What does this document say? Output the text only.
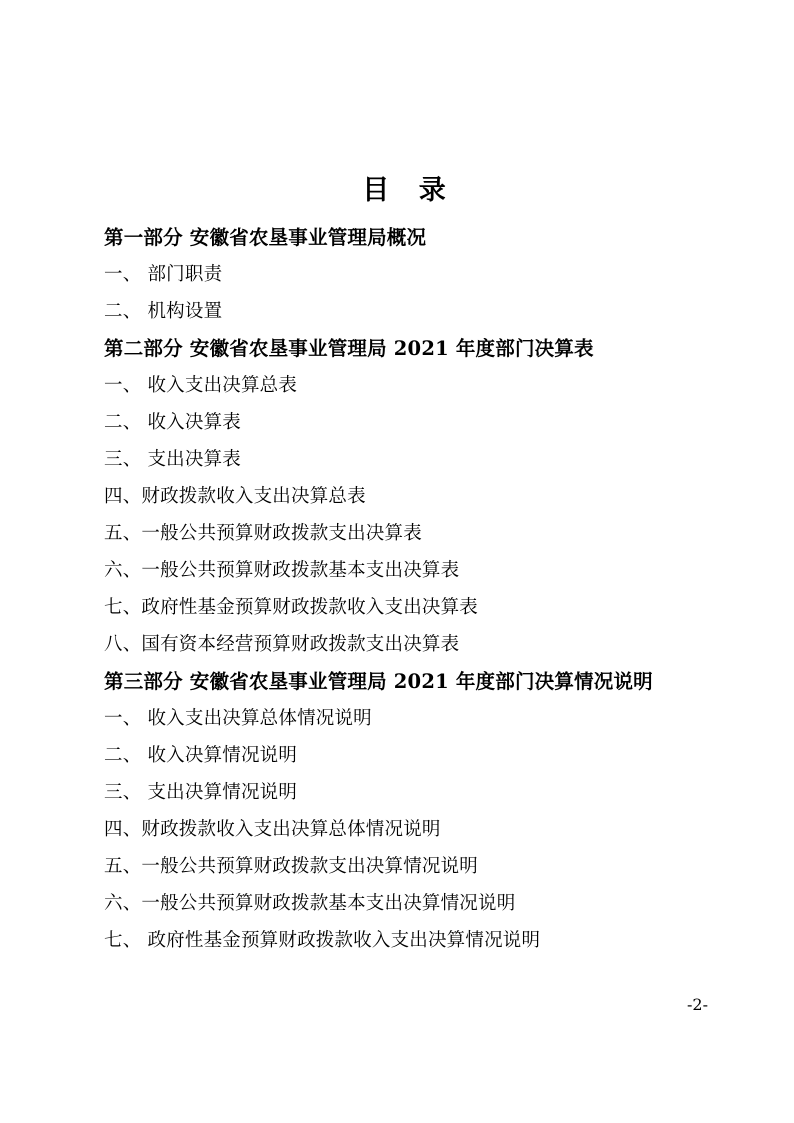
目 录

第一部分 安徽省农垦事业管理局概况

一、 部门职责

二、 机构设置

第二部分 安徽省农垦事业管理局 2021 年度部门决算表

一、 收入支出决算总表

二、 收入决算表

三、 支出决算表

四、财政拨款收入支出决算总表

五、一般公共预算财政拨款支出决算表

六、一般公共预算财政拨款基本支出决算表

七、政府性基金预算财政拨款收入支出决算表

八、国有资本经营预算财政拨款支出决算表

第三部分 安徽省农垦事业管理局 2021 年度部门决算情况说明

一、 收入支出决算总体情况说明

二、 收入决算情况说明

三、 支出决算情况说明

四、财政拨款收入支出决算总体情况说明

五、一般公共预算财政拨款支出决算情况说明

六、一般公共预算财政拨款基本支出决算情况说明

七、 政府性基金预算财政拨款收入支出决算情况说明

-2-
